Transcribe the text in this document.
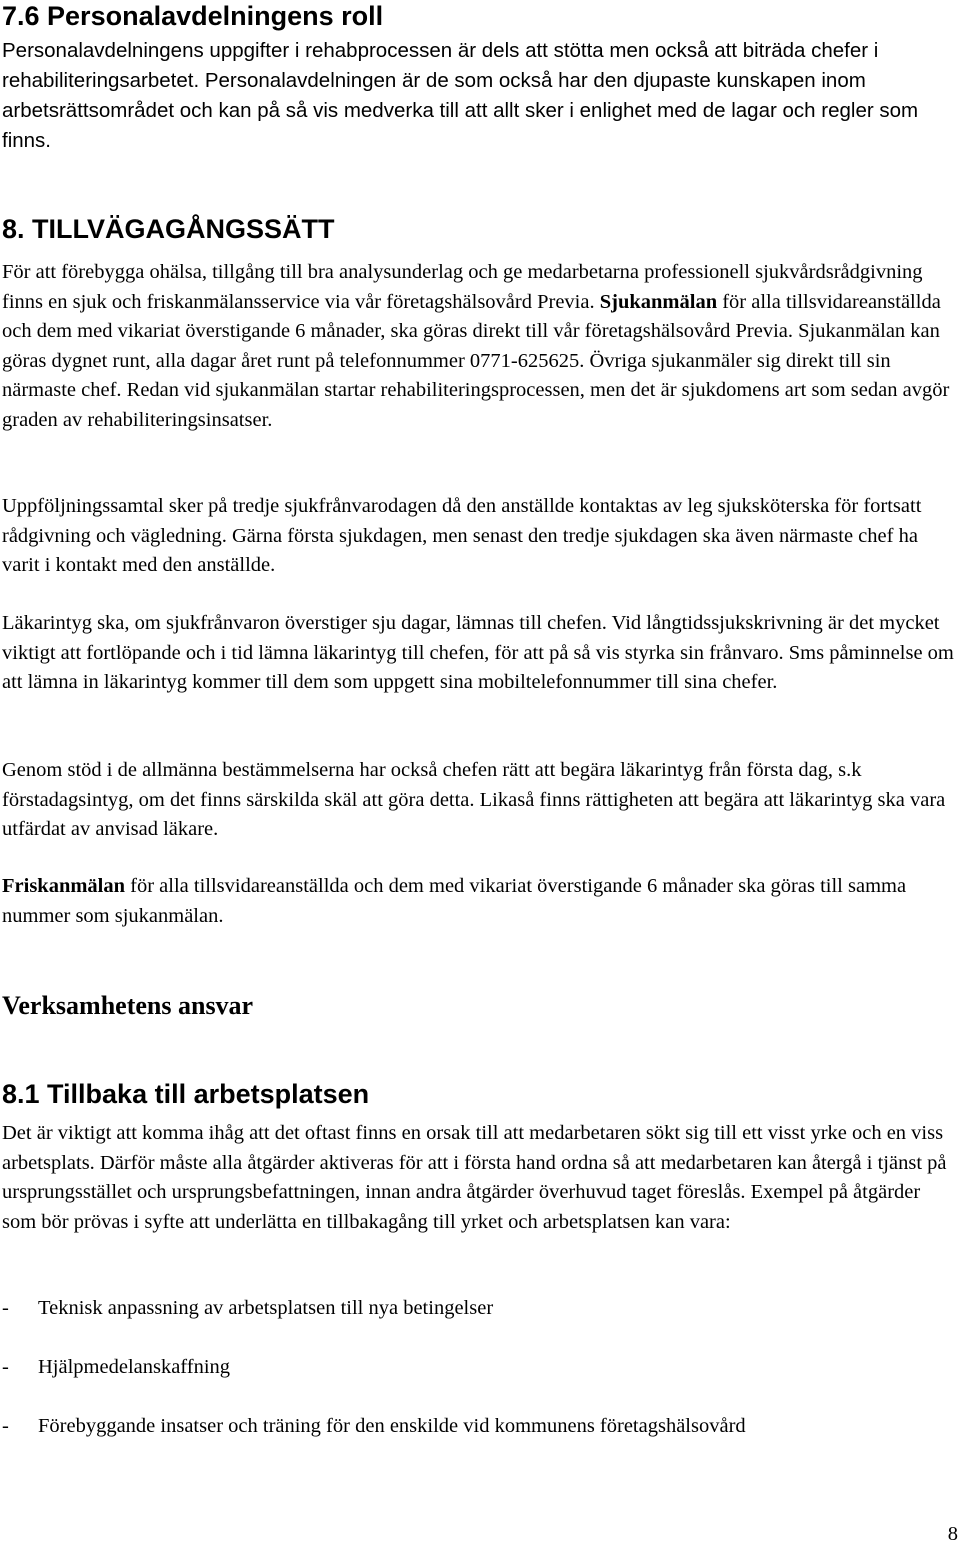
7.6 Personalavdelningens roll

Personalavdelningens uppgifter i rehabprocessen är dels att stötta men också att biträda chefer i rehabiliteringsarbetet. Personalavdelningen är de som också har den djupaste kunskapen inom arbetsrättsområdet och kan på så vis medverka till att allt sker i enlighet med de lagar och regler som finns.

8. TILLVÄGAGÅNGSSÄTT

För att förebygga ohälsa, tillgång till bra analysunderlag och ge medarbetarna professionell sjukvårdsrådgivning finns en sjuk och friskanmälansservice via vår företagshälsovård Previa. Sjukanmälan för alla tillsvidareanställda och dem med vikariat överstigande 6 månader, ska göras direkt till vår företagshälsovård Previa. Sjukanmälan kan göras dygnet runt, alla dagar året runt på telefonnummer 0771-625625. Övriga sjukanmäler sig direkt till sin närmaste chef. Redan vid sjukanmälan startar rehabiliteringsprocessen, men det är sjukdomens art som sedan avgör graden av rehabiliteringsinsatser.

Uppföljningssamtal sker på tredje sjukfrånvarodagen då den anställde kontaktas av leg sjuksköterska för fortsatt rådgivning och vägledning. Gärna första sjukdagen, men senast den tredje sjukdagen ska även närmaste chef ha varit i kontakt med den anställde.

Läkarintyg ska, om sjukfrånvaron överstiger sju dagar, lämnas till chefen. Vid långtidssjukskrivning är det mycket viktigt att fortlöpande och i tid lämna läkarintyg till chefen, för att på så vis styrka sin frånvaro. Sms påminnelse om att lämna in läkarintyg kommer till dem som uppgett sina mobiltelefonnummer till sina chefer.

Genom stöd i de allmänna bestämmelserna har också chefen rätt att begära läkarintyg från första dag, s.k förstadagsintyg, om det finns särskilda skäl att göra detta. Likaså finns rättigheten att begära att läkarintyg ska vara utfärdat av anvisad läkare.

Friskanmälan för alla tillsvidareanställda och dem med vikariat överstigande 6 månader ska göras till samma nummer som sjukanmälan.

Verksamhetens ansvar
8.1 Tillbaka till arbetsplatsen

Det är viktigt att komma ihåg att det oftast finns en orsak till att medarbetaren sökt sig till ett visst yrke och en viss arbetsplats. Därför måste alla åtgärder aktiveras för att i första hand ordna så att medarbetaren kan återgå i tjänst på ursprungsstället och ursprungsbefattningen, innan andra åtgärder överhuvud taget föreslås. Exempel på åtgärder som bör prövas i syfte att underlätta en tillbakagång till yrket och arbetsplatsen kan vara:

- Teknisk anpassning av arbetsplatsen till nya betingelser
- Hjälpmedelanskaffning
- Förebyggande insatser och träning för den enskilde vid kommunens företagshälsovård
8
